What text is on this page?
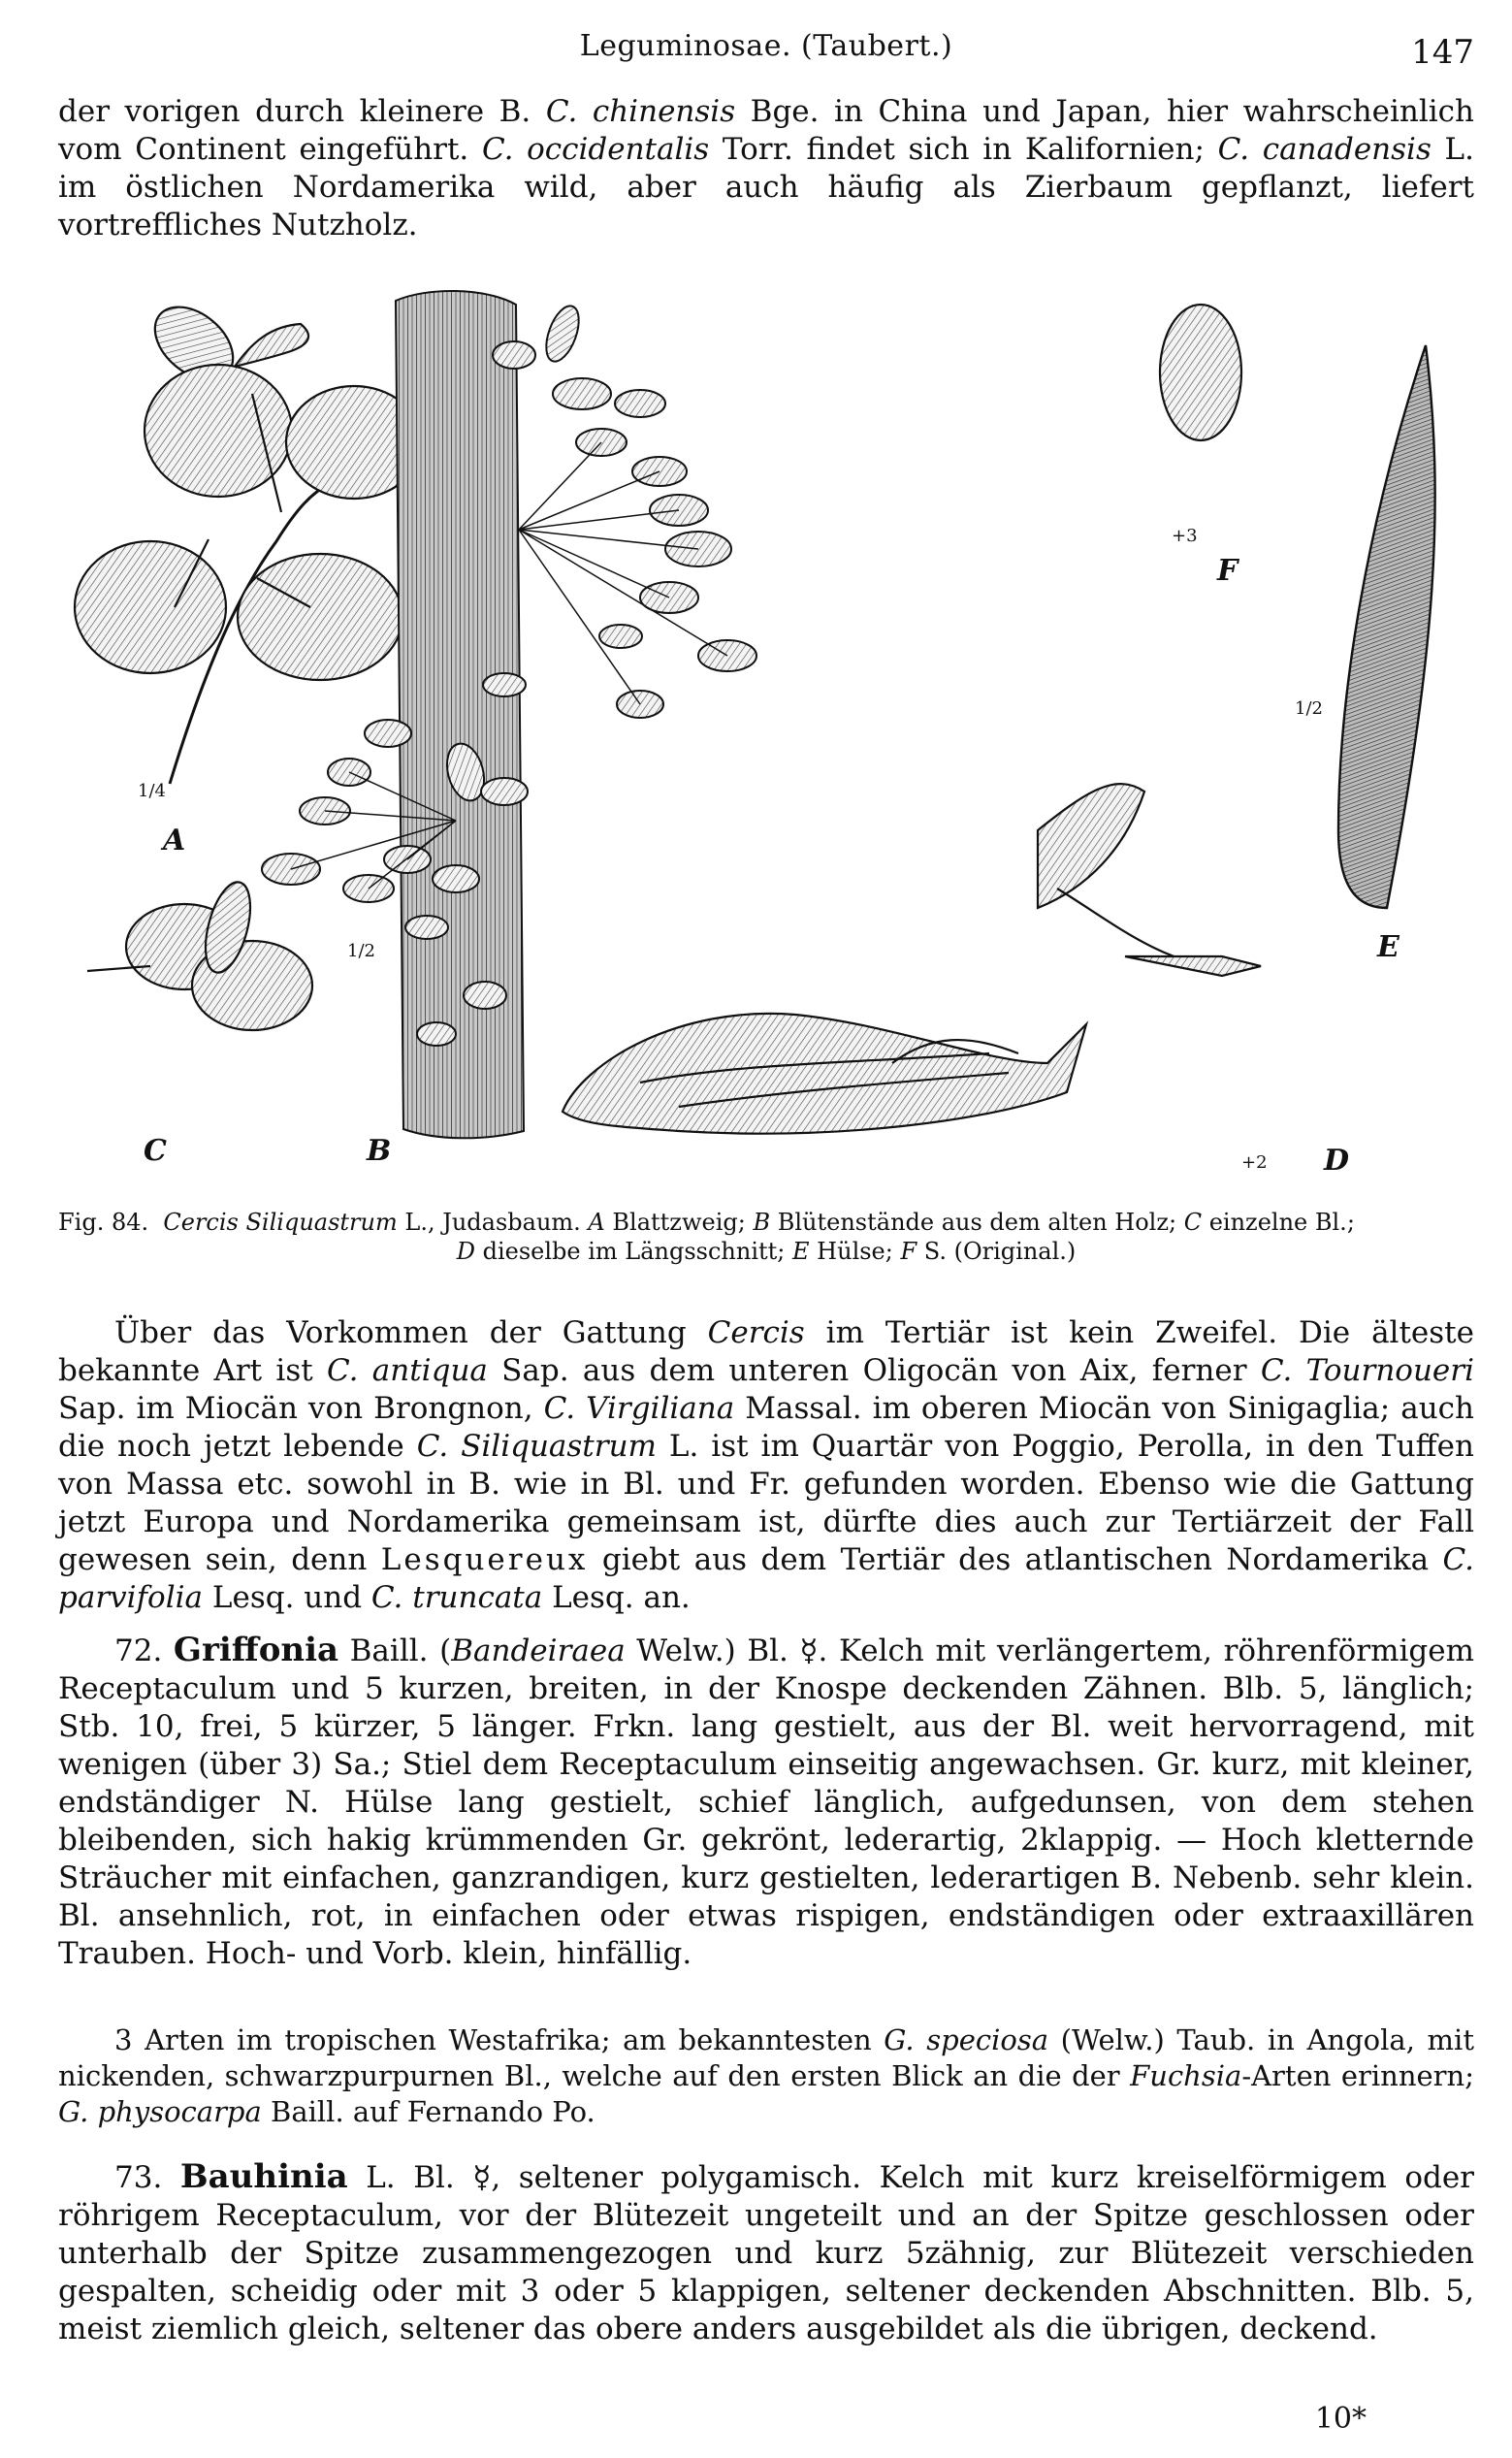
Leguminosae. (Taubert.)	147

der vorigen durch kleinere B. C. chinensis Bge. in China und Japan, hier wahrscheinlich vom Continent eingeführt. C. occidentalis Torr. findet sich in Kalifornien; C. canadensis L. im östlichen Nordamerika wild, aber auch häufig als Zierbaum gepflanzt, liefert vortreffliches Nutzholz.

A
1/4
B
1/2
C	D
+2
F
+3
E
1/2
Fig. 84. Cercis Siliquastrum L., Judasbaum. A Blattzweig; B Blütenstände aus dem alten Holz; C einzelne Bl.;
D dieselbe im Längsschnitt; E Hülse; F S. (Original.)

Über das Vorkommen der Gattung Cercis im Tertiär ist kein Zweifel. Die älteste bekannte Art ist C. antiqua Sap. aus dem unteren Oligocän von Aix, ferner C. Tournoueri Sap. im Miocän von Brongnon, C. Virgiliana Massal. im oberen Miocän von Sinigaglia; auch die noch jetzt lebende C. Siliquastrum L. ist im Quartär von Poggio, Perolla, in den Tuffen von Massa etc. sowohl in B. wie in Bl. und Fr. gefunden worden. Ebenso wie die Gattung jetzt Europa und Nordamerika gemeinsam ist, dürfte dies auch zur Tertiärzeit der Fall gewesen sein, denn Lesquereux giebt aus dem Tertiär des atlantischen Nordamerika C. parvifolia Lesq. und C. truncata Lesq. an.

72. Griffonia Baill. (Bandeiraea Welw.) Bl. ☿. Kelch mit verlängertem, röhrenförmigem Receptaculum und 5 kurzen, breiten, in der Knospe deckenden Zähnen. Blb. 5, länglich; Stb. 10, frei, 5 kürzer, 5 länger. Frkn. lang gestielt, aus der Bl. weit hervorragend, mit wenigen (über 3) Sa.; Stiel dem Receptaculum einseitig angewachsen. Gr. kurz, mit kleiner, endständiger N. Hülse lang gestielt, schief länglich, aufgedunsen, von dem stehen bleibenden, sich hakig krümmenden Gr. gekrönt, lederartig, 2klappig. — Hoch kletternde Sträucher mit einfachen, ganzrandigen, kurz gestielten, lederartigen B. Nebenb. sehr klein. Bl. ansehnlich, rot, in einfachen oder etwas rispigen, endständigen oder extraaxillären Trauben. Hoch- und Vorb. klein, hinfällig.

3 Arten im tropischen Westafrika; am bekanntesten G. speciosa (Welw.) Taub. in Angola, mit nickenden, schwarzpurpurnen Bl., welche auf den ersten Blick an die der Fuchsia-Arten erinnern; G. physocarpa Baill. auf Fernando Po.

73. Bauhinia L. Bl. ☿, seltener polygamisch. Kelch mit kurz kreiselförmigem oder röhrigem Receptaculum, vor der Blütezeit ungeteilt und an der Spitze geschlossen oder unterhalb der Spitze zusammengezogen und kurz 5zähnig, zur Blütezeit verschieden gespalten, scheidig oder mit 3 oder 5 klappigen, seltener deckenden Abschnitten. Blb. 5, meist ziemlich gleich, seltener das obere anders ausgebildet als die übrigen, deckend.

10*
